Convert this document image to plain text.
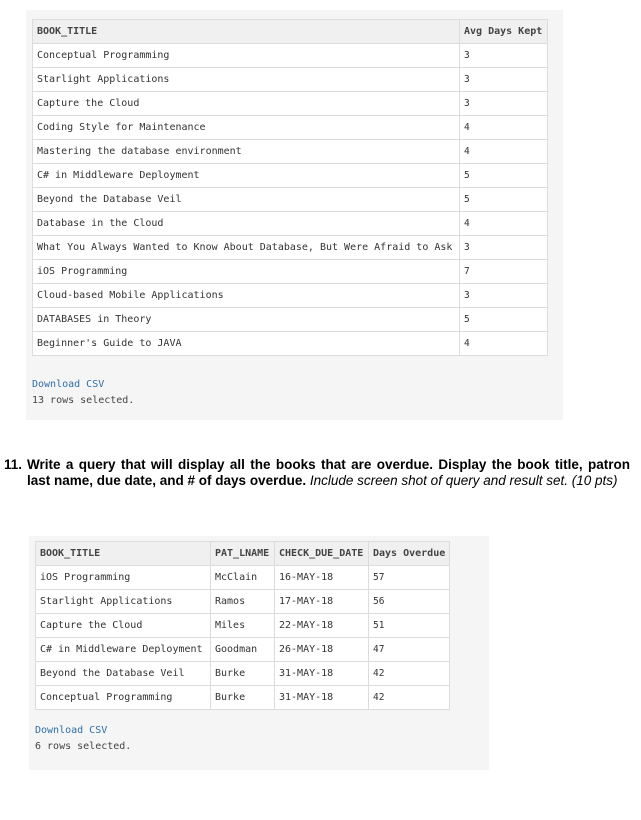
BOOK_TITLE	Avg Days Kept
Conceptual Programming	3
Starlight Applications	3
Capture the Cloud	3
Coding Style for Maintenance	4
Mastering the database environment	4
C# in Middleware Deployment	5
Beyond the Database Veil	5
Database in the Cloud	4
What You Always Wanted to Know About Database, But Were Afraid to Ask	3
iOS Programming	7
Cloud-based Mobile Applications	3
DATABASES in Theory	5
Beginner's Guide to JAVA	4
Download CSV
13 rows selected.
11. Write a query that will display all the books that are overdue. Display the book title, patron last name, due date, and # of days overdue. Include screen shot of query and result set. (10 pts)
BOOK_TITLE	PAT_LNAME	CHECK_DUE_DATE	Days Overdue
iOS Programming	McClain	16-MAY-18	57
Starlight Applications	Ramos	17-MAY-18	56
Capture the Cloud	Miles	22-MAY-18	51
C# in Middleware Deployment	Goodman	26-MAY-18	47
Beyond the Database Veil	Burke	31-MAY-18	42
Conceptual Programming	Burke	31-MAY-18	42
Download CSV
6 rows selected.
